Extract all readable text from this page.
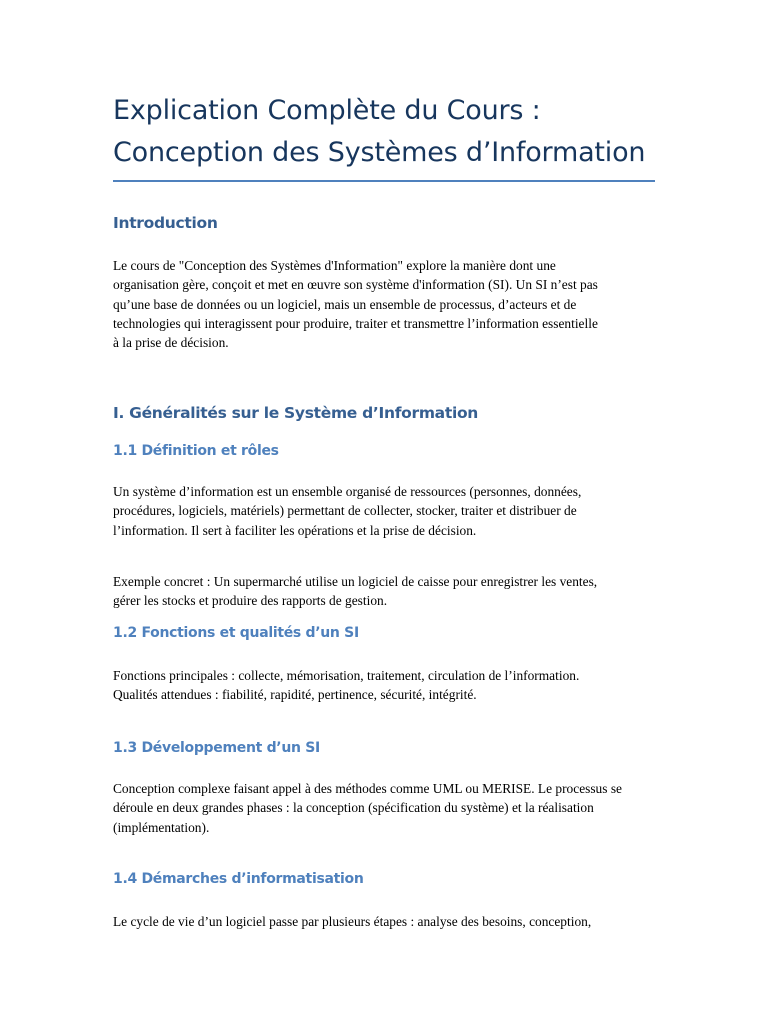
Explication Complète du Cours :
Conception des Systèmes d’Information
Introduction

Le cours de "Conception des Systèmes d'Information" explore la manière dont une

organisation gère, conçoit et met en œuvre son système d'information (SI). Un SI n’est pas

qu’une base de données ou un logiciel, mais un ensemble de processus, d’acteurs et de

technologies qui interagissent pour produire, traiter et transmettre l’information essentielle

à la prise de décision.

I. Généralités sur le Système d’Information
1.1 Définition et rôles

Un système d’information est un ensemble organisé de ressources (personnes, données,

procédures, logiciels, matériels) permettant de collecter, stocker, traiter et distribuer de

l’information. Il sert à faciliter les opérations et la prise de décision.

Exemple concret : Un supermarché utilise un logiciel de caisse pour enregistrer les ventes,

gérer les stocks et produire des rapports de gestion.

1.2 Fonctions et qualités d’un SI

Fonctions principales : collecte, mémorisation, traitement, circulation de l’information.

Qualités attendues : fiabilité, rapidité, pertinence, sécurité, intégrité.

1.3 Développement d’un SI

Conception complexe faisant appel à des méthodes comme UML ou MERISE. Le processus se

déroule en deux grandes phases : la conception (spécification du système) et la réalisation

(implémentation).

1.4 Démarches d’informatisation

Le cycle de vie d’un logiciel passe par plusieurs étapes : analyse des besoins, conception,
